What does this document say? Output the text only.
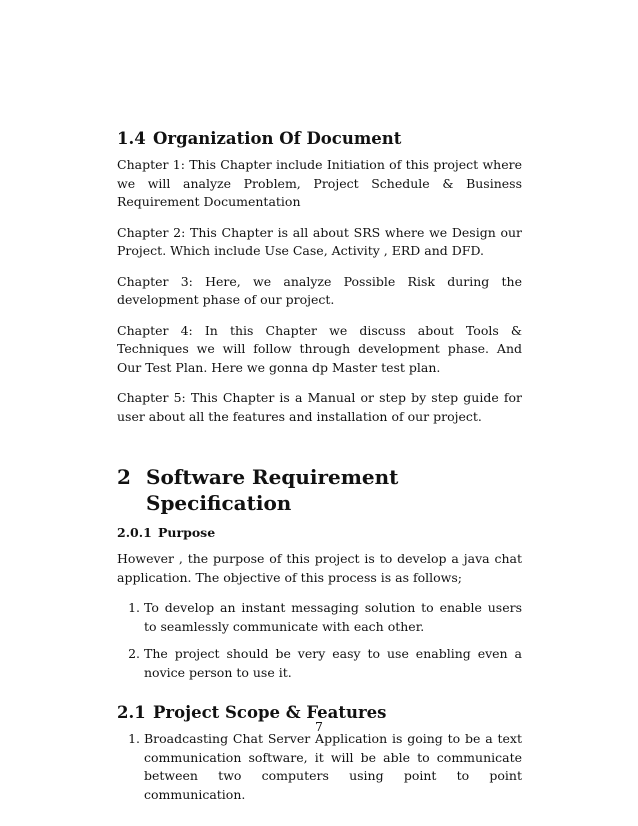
1.4 Organization Of Document

Chapter 1: This Chapter include Initiation of this project where we will analyze Problem, Project Schedule & Business Requirement Documentation

Chapter 2: This Chapter is all about SRS where we Design our Project. Which include Use Case, Activity , ERD and DFD.

Chapter 3: Here, we analyze Possible Risk during the development phase of our project.

Chapter 4: In this Chapter we discuss about Tools & Techniques we will follow through development phase. And Our Test Plan. Here we gonna dp Master test plan.

Chapter 5: This Chapter is a Manual or step by step guide for user about all the features and installation of our project.

2 Software Requirement Specification
2.0.1 Purpose

However , the purpose of this project is to develop a java chat application. The objective of this process is as follows;

1. To develop an instant messaging solution to enable users to seamlessly communicate with each other.
2. The project should be very easy to use enabling even a novice person to use it.
2.1 Project Scope & Features
1. Broadcasting Chat Server Application is going to be a text communication software, it will be able to communicate between two computers using point to point communication.
7
